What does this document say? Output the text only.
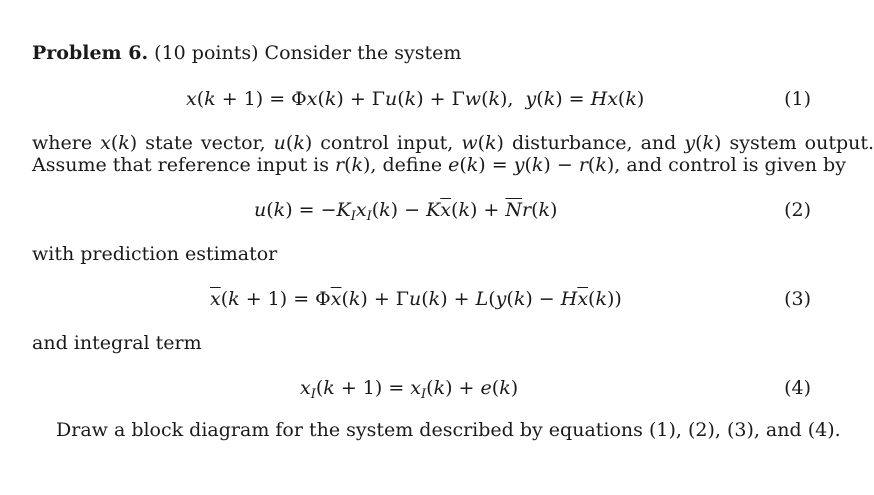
Problem 6. (10 points) Consider the system
x(k + 1) = Φx(k) + Γu(k) + Γw(k),  y(k) = Hx(k)	(1)
where x(k) state vector, u(k) control input, w(k) disturbance, and y(k) system output.
Assume that reference input is r(k), define e(k) = y(k) − r(k), and control is given by
$u(k) = -K_Ix_I(k) - K\overline{x}(k) + \overline{N}r(k)$	(2)
with prediction estimator
$\overline{x}(k + 1) = \Phi\overline{x}(k) + \Gamma u(k) + L(y(k) - H\overline{x}(k))$	(3)
and integral term
$x_I(k + 1) = x_I(k) + e(k)$	(4)
Draw a block diagram for the system described by equations (1), (2), (3), and (4).
